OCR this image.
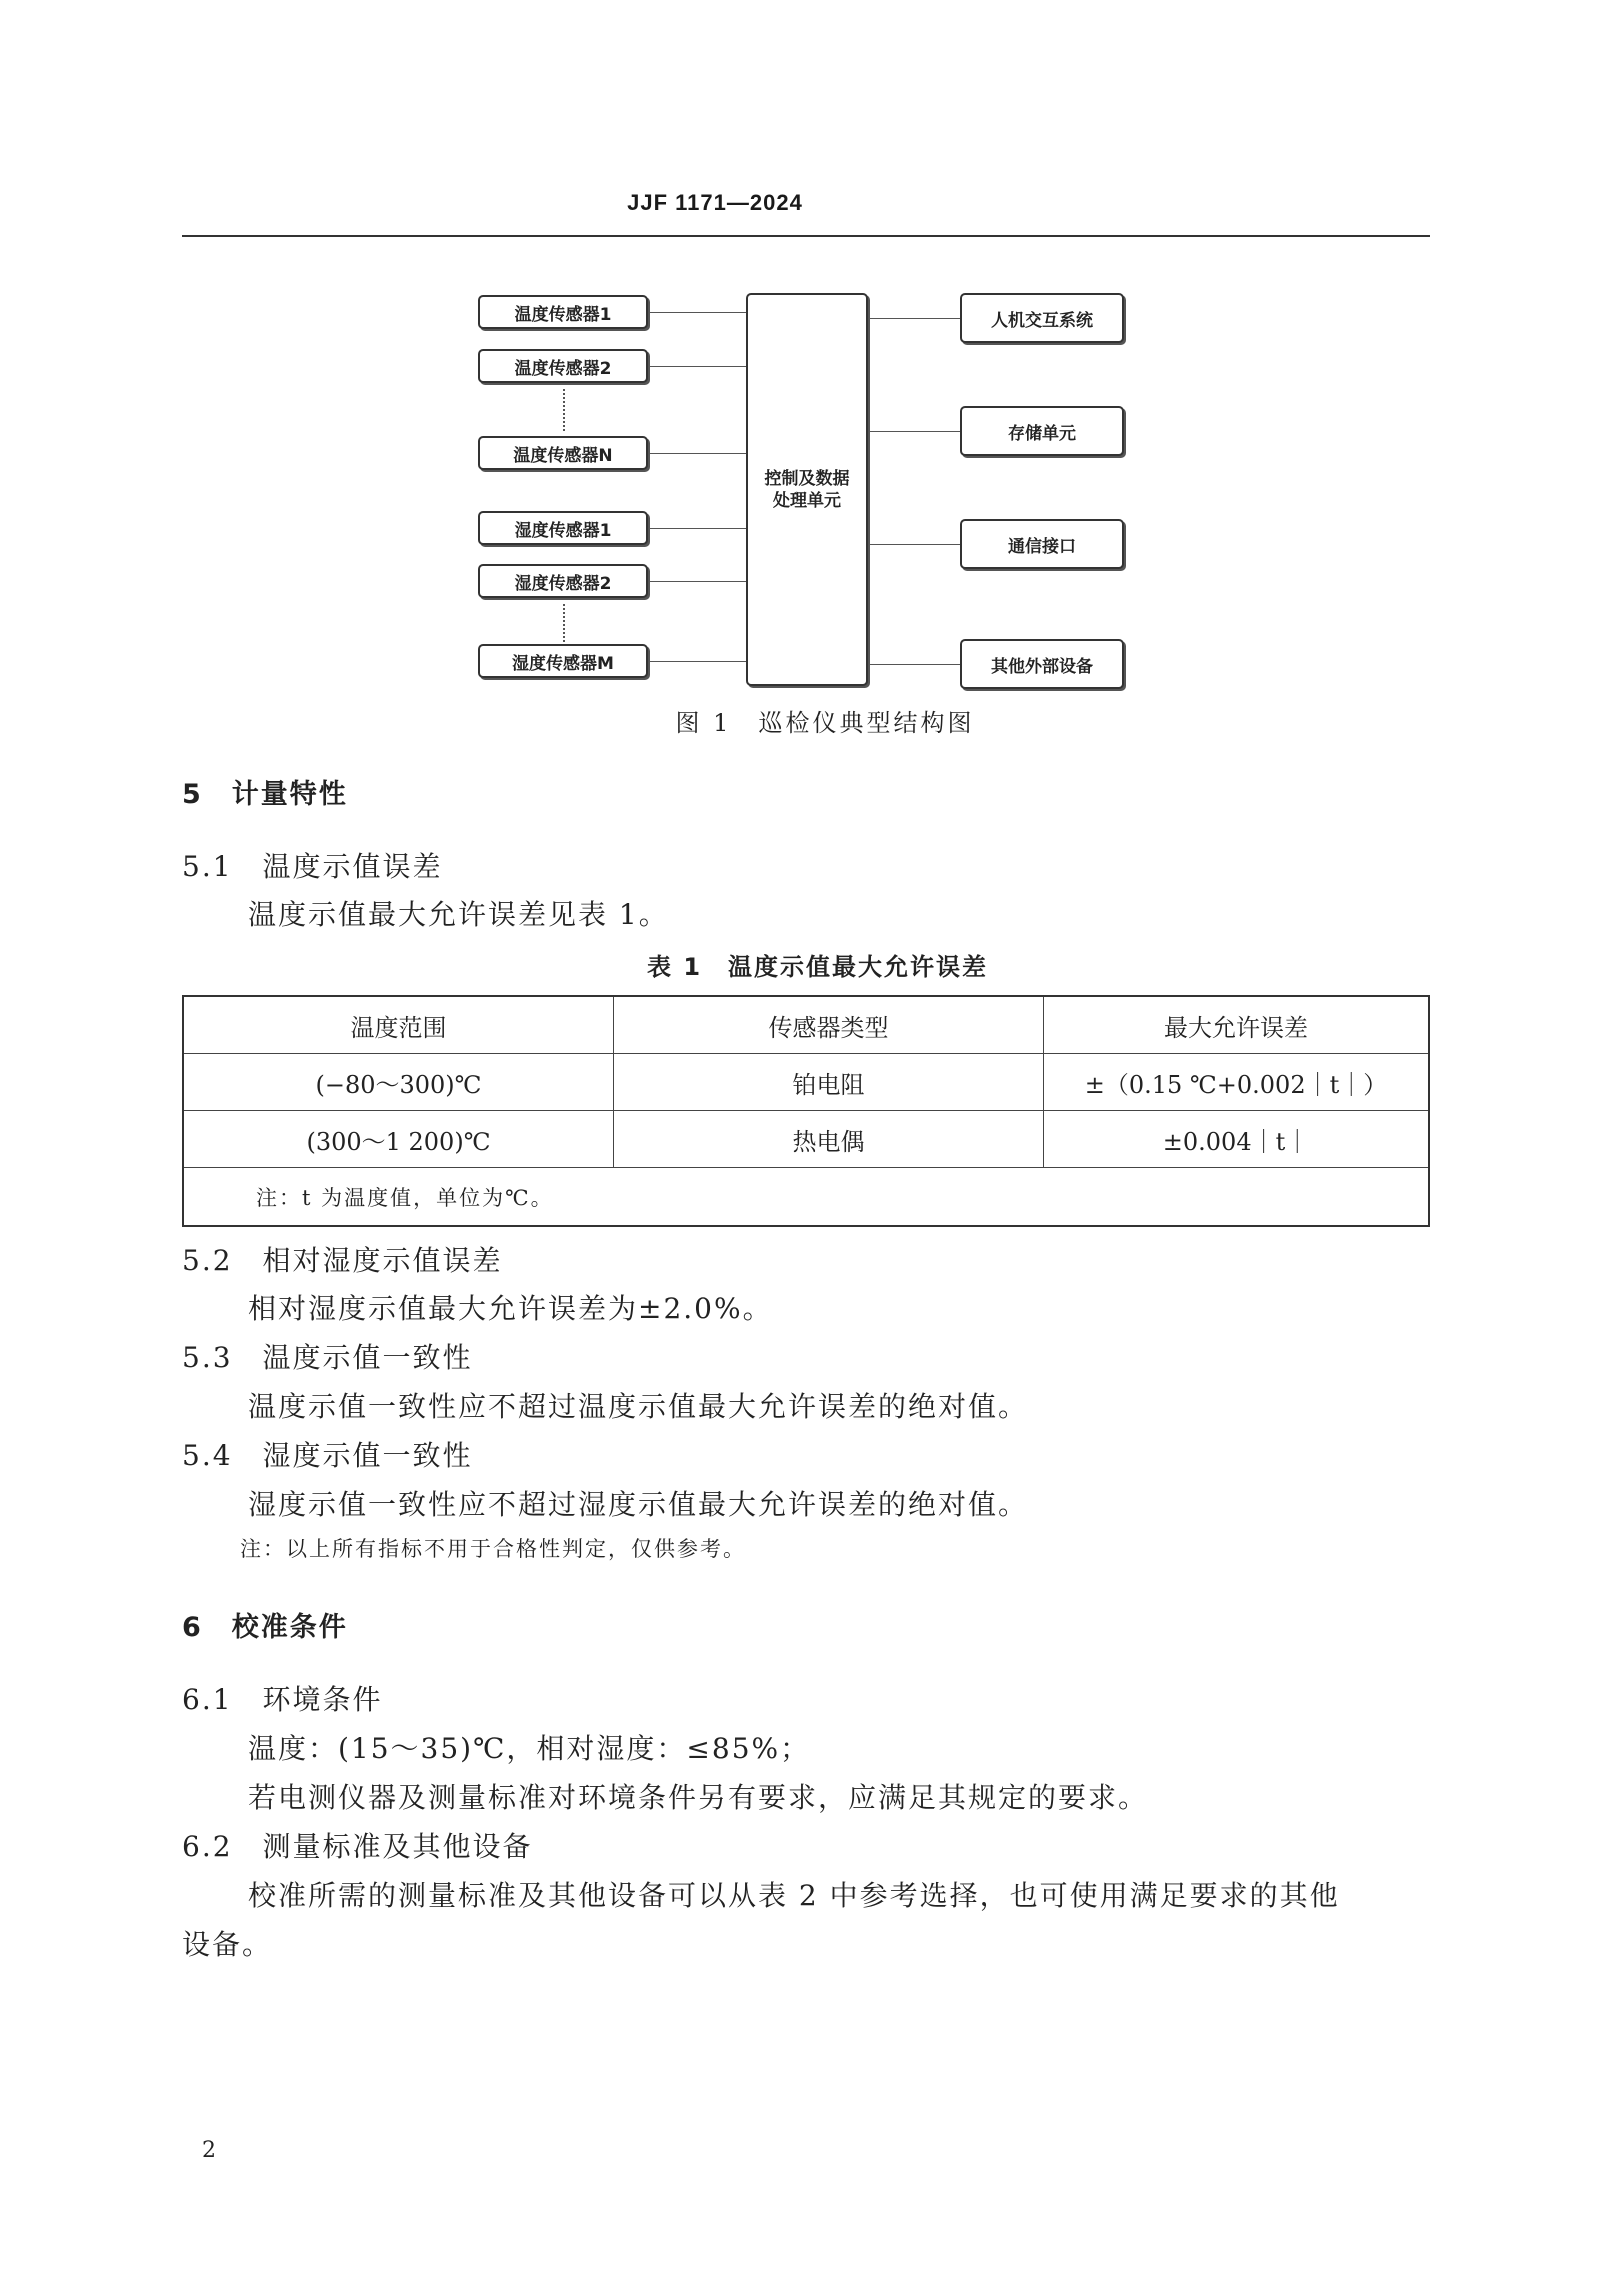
JJF 1171—2024
温度传感器1
温度传感器2
温度传感器N
湿度传感器1
湿度传感器2
湿度传感器M
控制及数据处理单元
人机交互系统
存储单元
通信接口
其他外部设备
图 1　巡检仪典型结构图
5　计量特性
5.1　温度示值误差
温度示值最大允许误差见表 1。
表 1　温度示值最大允许误差
温度范围	传感器类型	最大允许误差
(−80～300)℃	铂电阻	±（0.15 ℃+0.002｜t｜）
(300～1 200)℃	热电偶	±0.004｜t｜
注：t 为温度值，单位为℃。		
5.2　相对湿度示值误差
相对湿度示值最大允许误差为±2.0%。
5.3　温度示值一致性
温度示值一致性应不超过温度示值最大允许误差的绝对值。
5.4　湿度示值一致性
湿度示值一致性应不超过湿度示值最大允许误差的绝对值。
注：以上所有指标不用于合格性判定，仅供参考。
6　校准条件
6.1　环境条件
温度：(15～35)℃，相对湿度：≤85%；
若电测仪器及测量标准对环境条件另有要求，应满足其规定的要求。
6.2　测量标准及其他设备
校准所需的测量标准及其他设备可以从表 2 中参考选择，也可使用满足要求的其他
设备。
2
